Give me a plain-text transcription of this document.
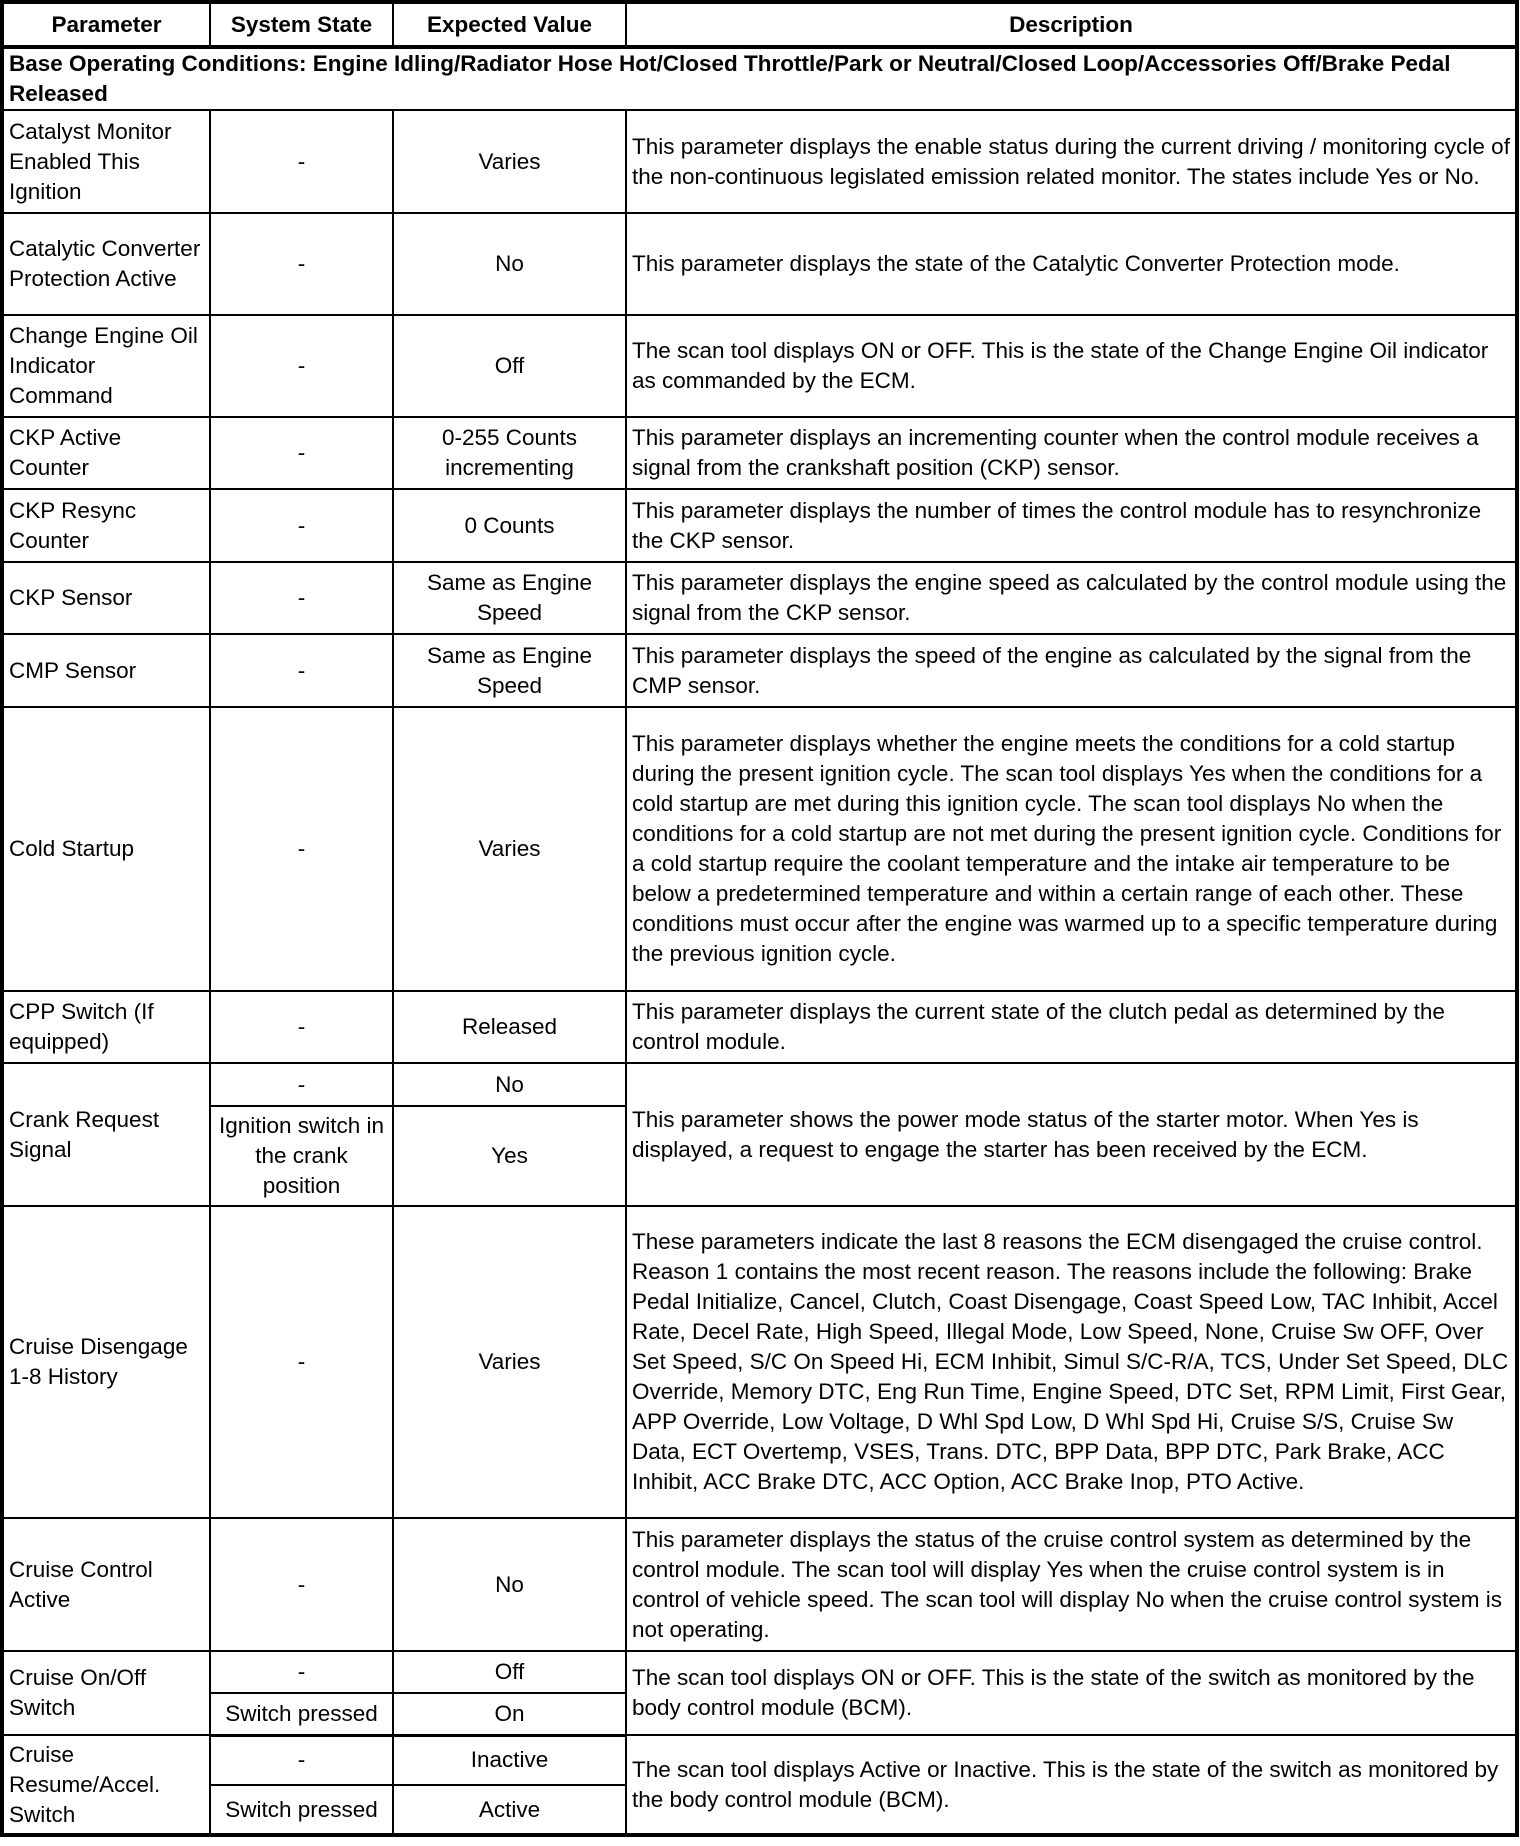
Parameter	System State	Expected Value	Description
Base Operating Conditions: Engine Idling/Radiator Hose Hot/Closed Throttle/Park or Neutral/Closed Loop/Accessories Off/Brake Pedal Released			
Catalyst Monitor Enabled This Ignition	-	Varies	This parameter displays the enable status during the current driving / monitoring cycle of the non-continuous legislated emission related monitor. The states include Yes or No.
Catalytic Converter Protection Active	-	No	This parameter displays the state of the Catalytic Converter Protection mode.
Change Engine Oil Indicator Command	-	Off	The scan tool displays ON or OFF. This is the state of the Change Engine Oil indicator as commanded by the ECM.
CKP Active Counter	-	0-255 Counts incrementing	This parameter displays an incrementing counter when the control module receives a signal from the crankshaft position (CKP) sensor.
CKP Resync Counter	-	0 Counts	This parameter displays the number of times the control module has to resynchronize the CKP sensor.
CKP Sensor	-	Same as Engine Speed	This parameter displays the engine speed as calculated by the control module using the signal from the CKP sensor.
CMP Sensor	-	Same as Engine Speed	This parameter displays the speed of the engine as calculated by the signal from the CMP sensor.
Cold Startup	-	Varies	This parameter displays whether the engine meets the conditions for a cold startup during the present ignition cycle. The scan tool displays Yes when the conditions for a cold startup are met during this ignition cycle. The scan tool displays No when the conditions for a cold startup are not met during the present ignition cycle. Conditions for a cold startup require the coolant temperature and the intake air temperature to be below a predetermined temperature and within a certain range of each other. These conditions must occur after the engine was warmed up to a specific temperature during the previous ignition cycle.
CPP Switch (If equipped)	-	Released	This parameter displays the current state of the clutch pedal as determined by the control module.
Crank Request Signal	-	No	This parameter shows the power mode status of the starter motor. When Yes is displayed, a request to engage the starter has been received by the ECM.
	Ignition switch in the crank position	Yes	
Cruise Disengage 1-8 History	-	Varies	These parameters indicate the last 8 reasons the ECM disengaged the cruise control. Reason 1 contains the most recent reason. The reasons include the following: Brake Pedal Initialize, Cancel, Clutch, Coast Disengage, Coast Speed Low, TAC Inhibit, Accel Rate, Decel Rate, High Speed, Illegal Mode, Low Speed, None, Cruise Sw OFF, Over Set Speed, S/C On Speed Hi, ECM Inhibit, Simul S/C-R/A, TCS, Under Set Speed, DLC Override, Memory DTC, Eng Run Time, Engine Speed, DTC Set, RPM Limit, First Gear, APP Override, Low Voltage, D Whl Spd Low, D Whl Spd Hi, Cruise S/S, Cruise Sw Data, ECT Overtemp, VSES, Trans. DTC, BPP Data, BPP DTC, Park Brake, ACC Inhibit, ACC Brake DTC, ACC Option, ACC Brake Inop, PTO Active.
Cruise Control Active	-	No	This parameter displays the status of the cruise control system as determined by the control module. The scan tool will display Yes when the cruise control system is in control of vehicle speed. The scan tool will display No when the cruise control system is not operating.
Cruise On/Off Switch	-	Off	The scan tool displays ON or OFF. This is the state of the switch as monitored by the body control module (BCM).
	Switch pressed	On	
Cruise Resume/Accel. Switch	-	Inactive	The scan tool displays Active or Inactive. This is the state of the switch as monitored by the body control module (BCM).
	Switch pressed	Active	
